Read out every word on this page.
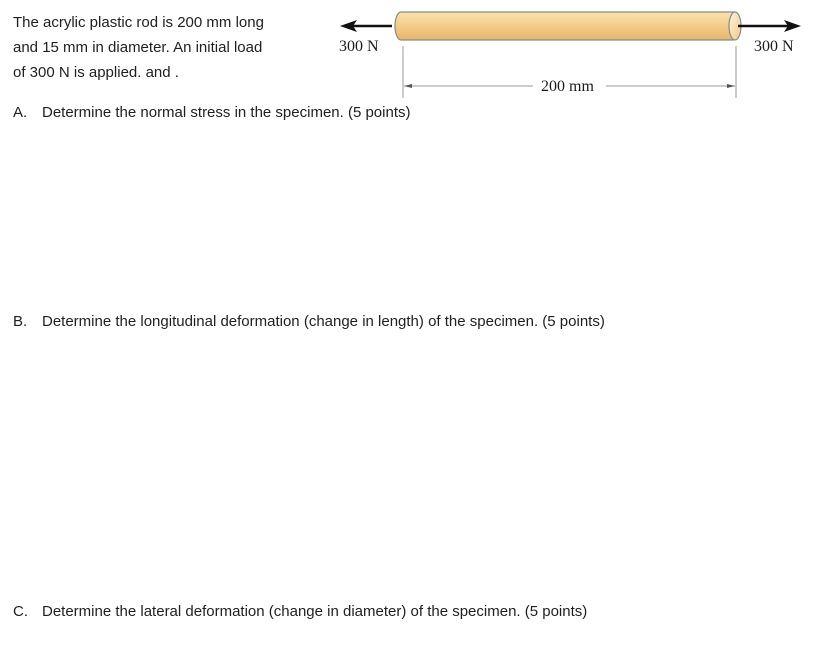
The acrylic plastic rod is 200 mm long
and 15 mm in diameter. An initial load
of 300 N is applied. and .
300 N	300 N
200 mm
A. Determine the normal stress in the specimen. (5 points)
B. Determine the longitudinal deformation (change in length) of the specimen. (5 points)
C. Determine the lateral deformation (change in diameter) of the specimen. (5 points)
